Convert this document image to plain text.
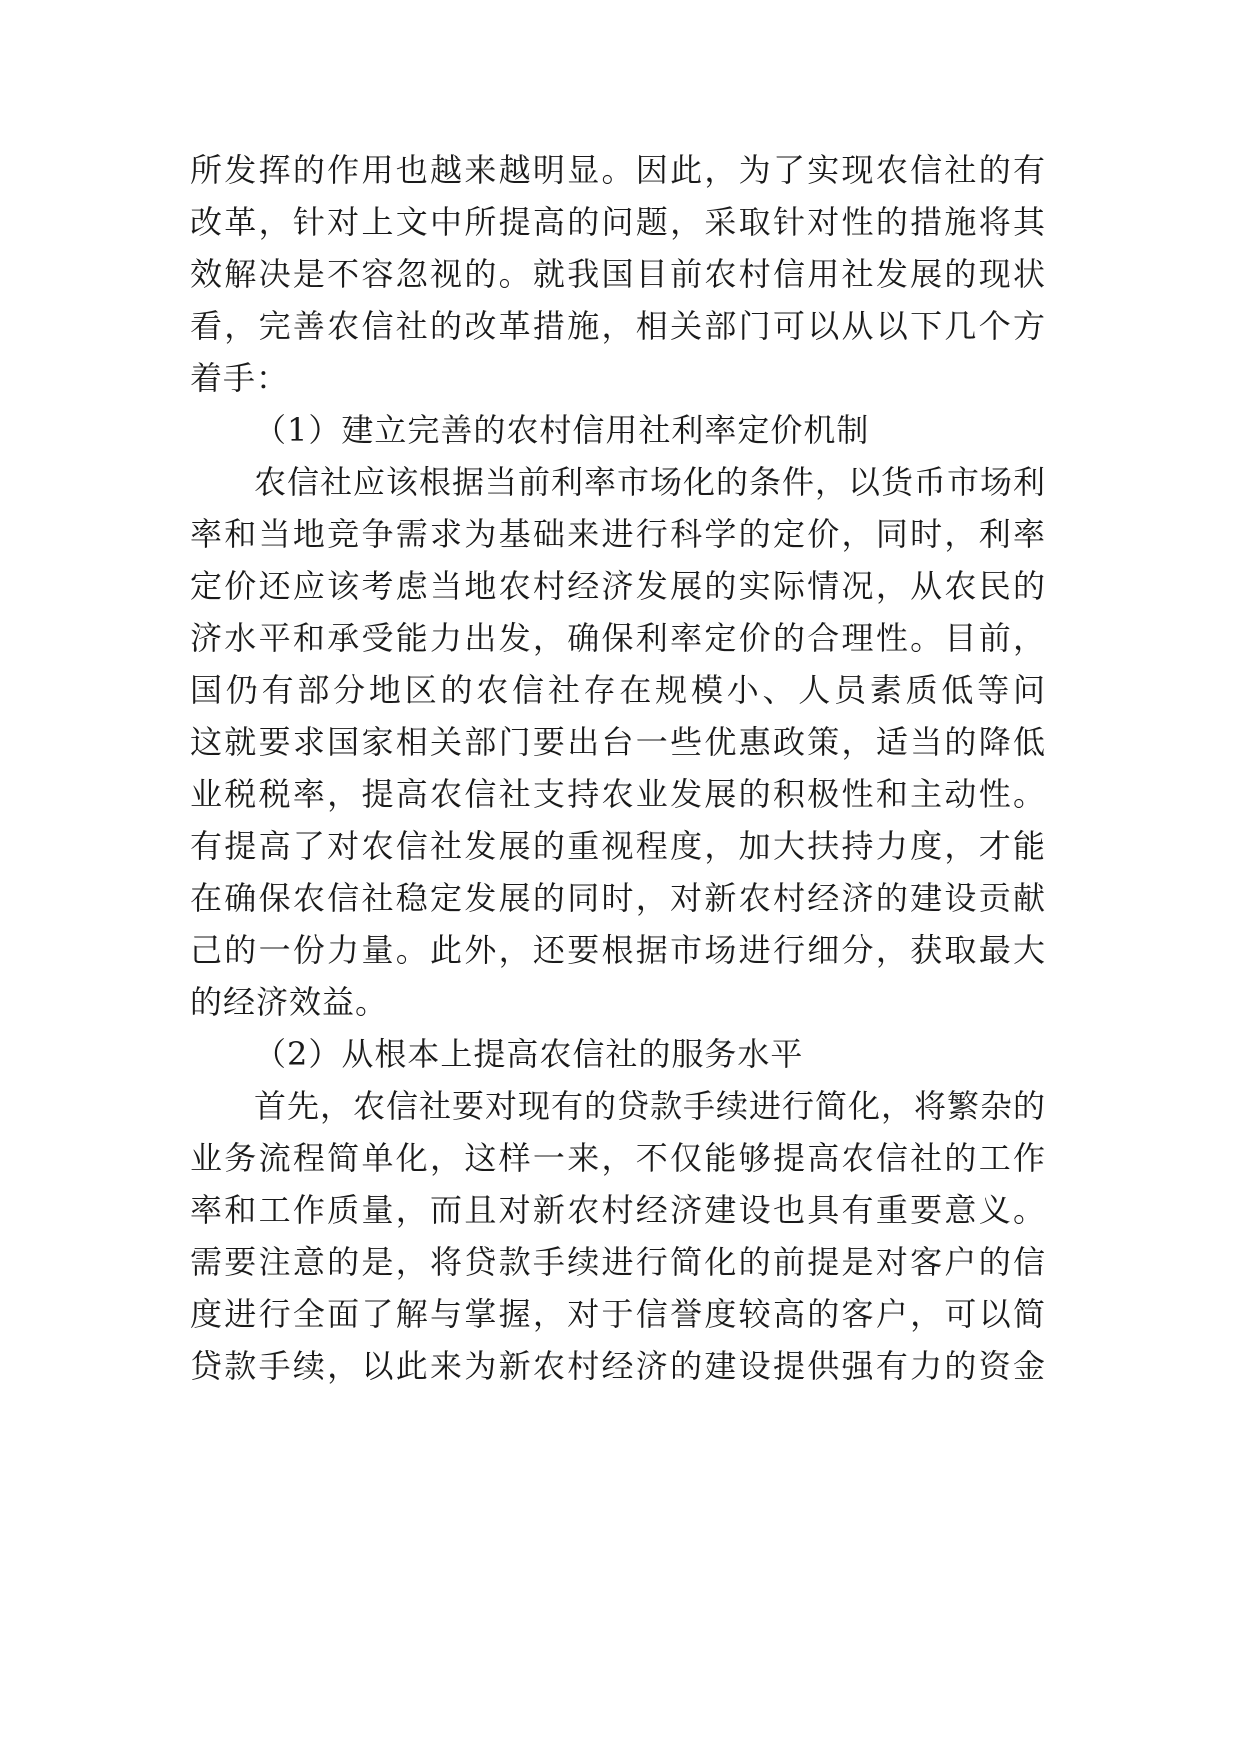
所发挥的作用也越来越明显。因此，为了实现农信社的有
改革，针对上文中所提高的问题，采取针对性的措施将其
效解决是不容忽视的。就我国目前农村信用社发展的现状
看，完善农信社的改革措施，相关部门可以从以下几个方
着手：
（1）建立完善的农村信用社利率定价机制
农信社应该根据当前利率市场化的条件，以货币市场利
率和当地竞争需求为基础来进行科学的定价，同时，利率
定价还应该考虑当地农村经济发展的实际情况，从农民的
济水平和承受能力出发，确保利率定价的合理性。目前，
国仍有部分地区的农信社存在规模小、人员素质低等问
这就要求国家相关部门要出台一些优惠政策，适当的降低
业税税率，提高农信社支持农业发展的积极性和主动性。
有提高了对农信社发展的重视程度，加大扶持力度，才能
在确保农信社稳定发展的同时，对新农村经济的建设贡献
己的一份力量。此外，还要根据市场进行细分，获取最大
的经济效益。
（2）从根本上提高农信社的服务水平
首先，农信社要对现有的贷款手续进行简化，将繁杂的
业务流程简单化，这样一来，不仅能够提高农信社的工作
率和工作质量，而且对新农村经济建设也具有重要意义。
需要注意的是，将贷款手续进行简化的前提是对客户的信
度进行全面了解与掌握，对于信誉度较高的客户，可以简
贷款手续，以此来为新农村经济的建设提供强有力的资金
